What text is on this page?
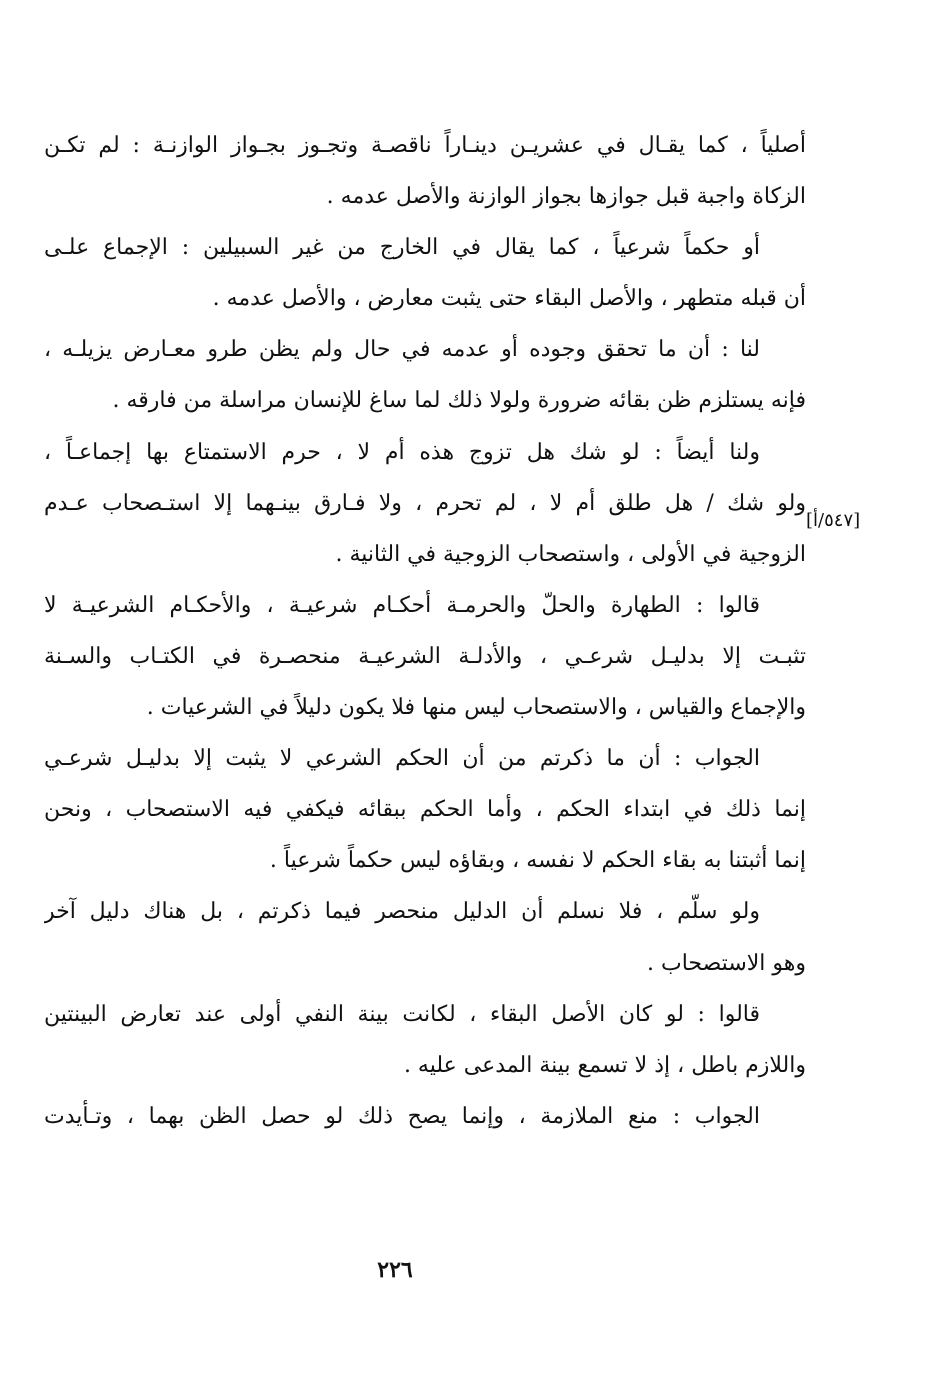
أصلياً ، كما يقـال في عشريـن دينـاراً ناقصـة وتجـوز بجـواز الوازنـة : لم تكـن
الزكاة واجبة قبل جوازها بجواز الوازنة والأصل عدمه .
أو حكماً شرعياً ، كما يقال في الخارج من غير السبيلين : الإجماع علـى
أن قبله متطهر ، والأصل البقاء حتى يثبت معارض ، والأصل عدمه .
لنا : أن ما تحقق وجوده أو عدمه في حال ولم يظن طرو معـارض يزيلـه ،
فإنه يستلزم ظن بقائه ضرورة ولولا ذلك لما ساغ للإنسان مراسلة من فارقه .
ولنا أيضاً : لو شك هل تزوج هذه أم لا ، حرم الاستمتاع بها إجماعـاً ،
ولو شك / هل طلق أم لا ، لم تحرم ، ولا فـارق بينـهما إلا استـصحاب عـدم
الزوجية في الأولى ، واستصحاب الزوجية في الثانية .
قالوا : الطهارة والحلّ والحرمـة أحكـام شرعيـة ، والأحكـام الشرعيـة لا
تثبـت إلا بدليـل شرعـي ، والأدلـة الشرعيـة منحصـرة في الكتـاب والسـنة
والإجماع والقياس ، والاستصحاب ليس منها فلا يكون دليلاً في الشرعيات .
الجواب : أن ما ذكرتم من أن الحكم الشرعي لا يثبت إلا بدليـل شرعـي
إنما ذلك في ابتداء الحكم ، وأما الحكم ببقائه فيكفي فيه الاستصحاب ، ونحن
إنما أثبتنا به بقاء الحكم لا نفسه ، وبقاؤه ليس حكماً شرعياً .
ولو سلّم ، فلا نسلم أن الدليل منحصر فيما ذكرتم ، بل هناك دليل آخر
وهو الاستصحاب .
قالوا : لو كان الأصل البقاء ، لكانت بينة النفي أولى عند تعارض البينتين
واللازم باطل ، إذ لا تسمع بينة المدعى عليه .
الجواب : منع الملازمة ، وإنما يصح ذلك لو حصل الظن بهما ، وتـأيدت
[٥٤٧/أ]
٢٢٦
